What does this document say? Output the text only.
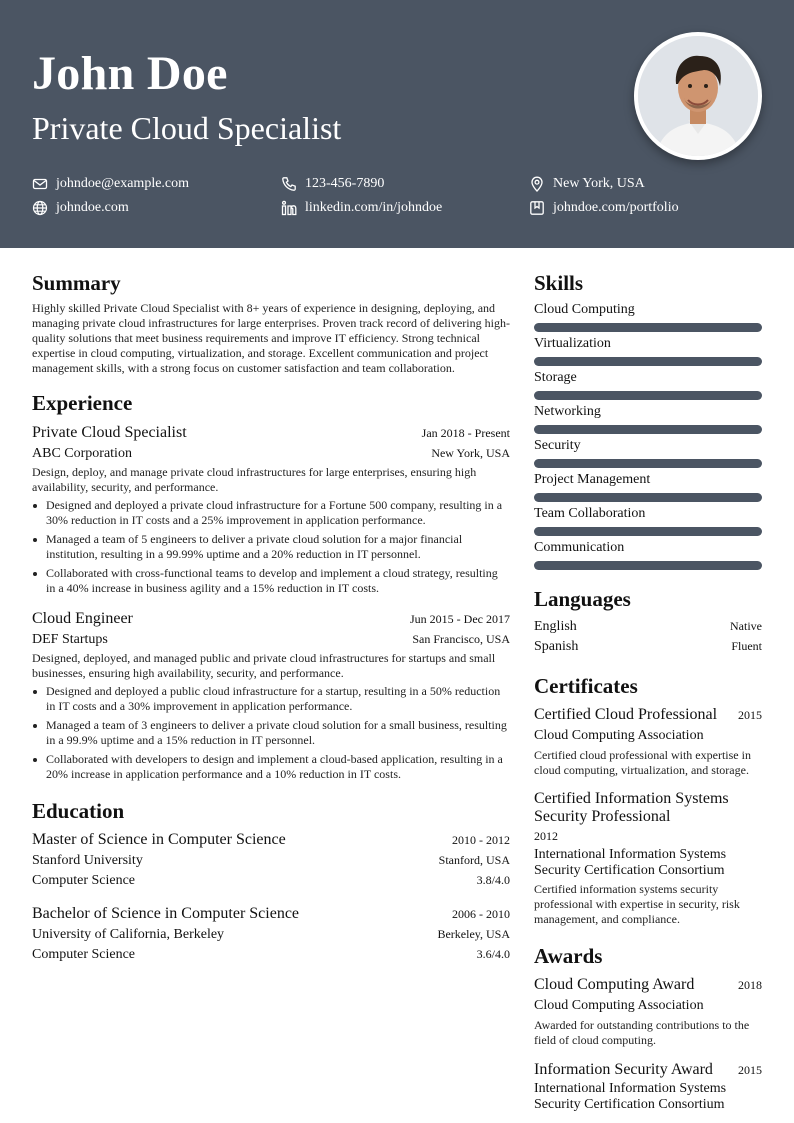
John Doe
Private Cloud Specialist
johndoe@example.com	123-456-7890	New York, USA
johndoe.com	linkedin.com/in/johndoe	johndoe.com/portfolio
Summary

Highly skilled Private Cloud Specialist with 8+ years of experience in designing, deploying, and managing private cloud infrastructures for large enterprises. Proven track record of delivering high-quality solutions that meet business requirements and improve IT efficiency. Strong technical expertise in cloud computing, virtualization, and storage. Excellent communication and project management skills, with a strong focus on customer satisfaction and team collaboration.

Experience
Private Cloud Specialist	Jan 2018 - Present
ABC Corporation	New York, USA

Design, deploy, and manage private cloud infrastructures for large enterprises, ensuring high availability, security, and performance.

Designed and deployed a private cloud infrastructure for a Fortune 500 company, resulting in a 30% reduction in IT costs and a 25% improvement in application performance.
Managed a team of 5 engineers to deliver a private cloud solution for a major financial institution, resulting in a 99.99% uptime and a 20% reduction in IT personnel.
Collaborated with cross-functional teams to develop and implement a cloud strategy, resulting in a 40% increase in business agility and a 15% reduction in IT costs.
Cloud Engineer	Jun 2015 - Dec 2017
DEF Startups	San Francisco, USA

Designed, deployed, and managed public and private cloud infrastructures for startups and small businesses, ensuring high availability, security, and performance.

Designed and deployed a public cloud infrastructure for a startup, resulting in a 50% reduction in IT costs and a 30% improvement in application performance.
Managed a team of 3 engineers to deliver a private cloud solution for a small business, resulting in a 99.9% uptime and a 15% reduction in IT personnel.
Collaborated with developers to design and implement a cloud-based application, resulting in a 20% increase in application performance and a 10% reduction in IT costs.
Education
Master of Science in Computer Science	2010 - 2012
Stanford University	Stanford, USA
Computer Science	3.8/4.0
Bachelor of Science in Computer Science	2006 - 2010
University of California, Berkeley	Berkeley, USA
Computer Science	3.6/4.0
Skills
Cloud Computing
Virtualization
Storage
Networking
Security
Project Management
Team Collaboration
Communication
Languages
English	Native
Spanish	Fluent
Certificates
Certified Cloud Professional 2015
Cloud Computing Association

Certified cloud professional with expertise in cloud computing, virtualization, and storage.

Certified Information Systems Security Professional
2012
International Information Systems Security Certification Consortium

Certified information systems security professional with expertise in security, risk management, and compliance.

Awards
Cloud Computing Award	2018
Cloud Computing Association

Awarded for outstanding contributions to the field of cloud computing.

Information Security Award 2015
International Information Systems Security Certification Consortium
